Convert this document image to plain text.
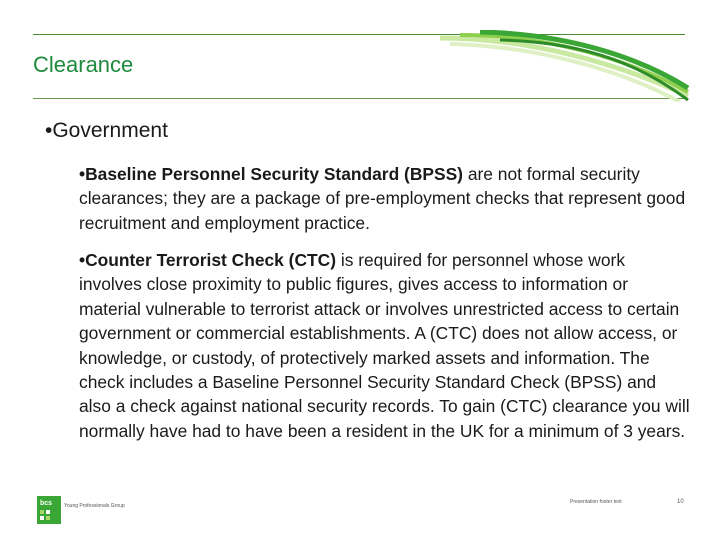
Clearance
•Government

•Baseline Personnel Security Standard (BPSS) are not formal security clearances; they are a package of pre-employment checks that represent good recruitment and employment practice.

•Counter Terrorist Check (CTC) is required for personnel whose work involves close proximity to public figures, gives access to information or material vulnerable to terrorist attack or involves unrestricted access to certain government or commercial establishments. A (CTC) does not allow access, or knowledge, or custody, of protectively marked assets and information. The check includes a Baseline Personnel Security Standard Check (BPSS) and also a check against national security records. To gain (CTC) clearance you will normally have had to have been a resident in the UK for a minimum of 3 years.

bcs Young Professionals Group
Presentation footer text	10
